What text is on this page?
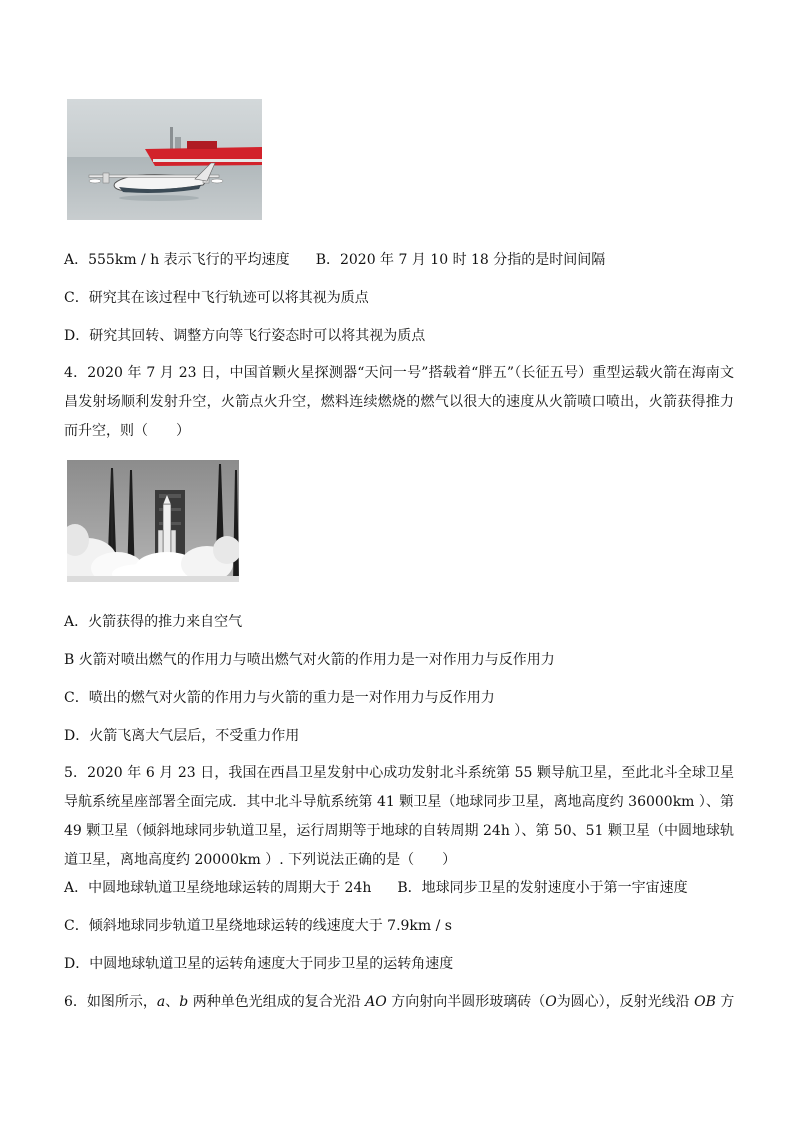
A．555km / h 表示飞行的平均速度 B．2020 年 7 月 10 时 18 分指的是时间间隔
C．研究其在该过程中飞行轨迹可以将其视为质点
D．研究其回转、调整方向等飞行姿态时可以将其视为质点
4．2020 年 7 月 23 日，中国首颗火星探测器“天问一号”搭载着“胖五”（长征五号）重型运载火箭在海南文昌发射场顺利发射升空，火箭点火升空，燃料连续燃烧的燃气以很大的速度从火箭喷口喷出，火箭获得推力而升空，则（　　）
A．火箭获得的推力来自空气
B 火箭对喷出燃气的作用力与喷出燃气对火箭的作用力是一对作用力与反作用力
C．喷出的燃气对火箭的作用力与火箭的重力是一对作用力与反作用力
D．火箭飞离大气层后，不受重力作用
5．2020 年 6 月 23 日，我国在西昌卫星发射中心成功发射北斗系统第 55 颗导航卫星，至此北斗全球卫星导航系统星座部署全面完成．其中北斗导航系统第 41 颗卫星（地球同步卫星，离地高度约 36000km ）、第 49 颗卫星（倾斜地球同步轨道卫星，运行周期等于地球的自转周期 24h ）、第 50、51 颗卫星（中圆地球轨道卫星，离地高度约 20000km ）. 下列说法正确的是（　　）
A．中圆地球轨道卫星绕地球运转的周期大于 24h B．地球同步卫星的发射速度小于第一宇宙速度
C．倾斜地球同步轨道卫星绕地球运转的线速度大于 7.9km / s
D．中圆地球轨道卫星的运转角速度大于同步卫星的运转角速度
6．如图所示，a、b 两种单色光组成的复合光沿 AO 方向射向半圆形玻璃砖（O为圆心），反射光线沿 OB 方
